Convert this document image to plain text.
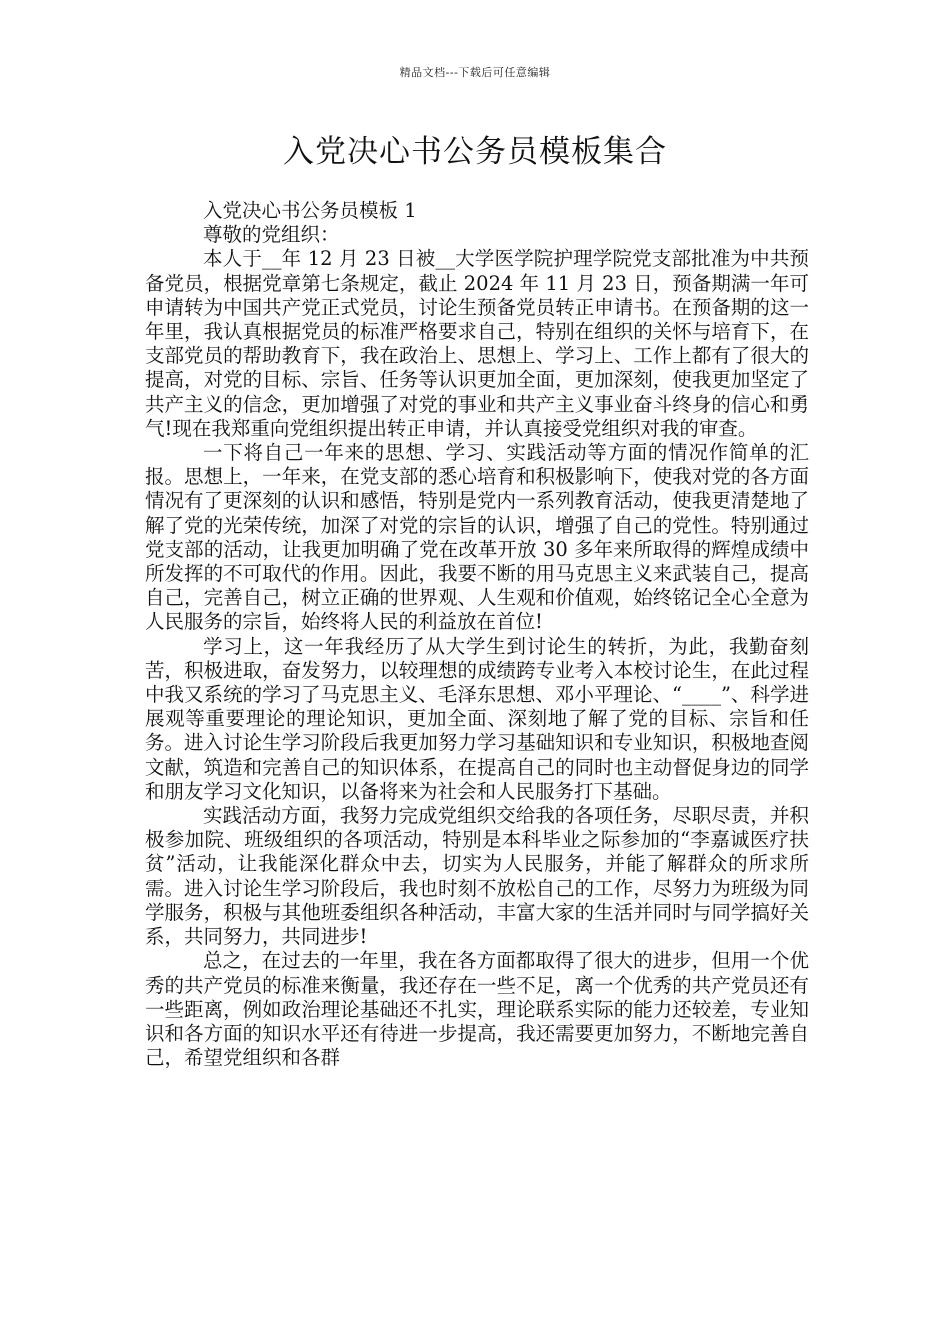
精品文档---下载后可任意编辑
入党决心书公务员模板集合

入党决心书公务员模板 1

尊敬的党组织：

本人于__年 12 月 23 日被__大学医学院护理学院党支部批准为中共预备党员，根据党章第七条规定，截止 2024 年 11 月 23 日，预备期满一年可申请转为中国共产党正式党员，讨论生预备党员转正申请书。在预备期的这一年里，我认真根据党员的标准严格要求自己，特别在组织的关怀与培育下，在支部党员的帮助教育下，我在政治上、思想上、学习上、工作上都有了很大的提高，对党的目标、宗旨、任务等认识更加全面，更加深刻，使我更加坚定了共产主义的信念，更加增强了对党的事业和共产主义事业奋斗终身的信心和勇气!现在我郑重向党组织提出转正申请，并认真接受党组织对我的审查。

一下将自己一年来的思想、学习、实践活动等方面的情况作简单的汇报。思想上，一年来，在党支部的悉心培育和积极影响下，使我对党的各方面情况有了更深刻的认识和感悟，特别是党内一系列教育活动，使我更清楚地了解了党的光荣传统，加深了对党的宗旨的认识，增强了自己的党性。特别通过党支部的活动，让我更加明确了党在改革开放 30 多年来所取得的辉煌成绩中所发挥的不可取代的作用。因此，我要不断的用马克思主义来武装自己，提高自己，完善自己，树立正确的世界观、人生观和价值观，始终铭记全心全意为人民服务的宗旨，始终将人民的利益放在首位!

学习上，这一年我经历了从大学生到讨论生的转折，为此，我勤奋刻苦，积极进取，奋发努力，以较理想的成绩跨专业考入本校讨论生，在此过程中我又系统的学习了马克思主义、毛泽东思想、邓小平理论、“____”、科学进展观等重要理论的理论知识，更加全面、深刻地了解了党的目标、宗旨和任务。进入讨论生学习阶段后我更加努力学习基础知识和专业知识，积极地查阅文献，筑造和完善自己的知识体系，在提高自己的同时也主动督促身边的同学和朋友学习文化知识，以备将来为社会和人民服务打下基础。

实践活动方面，我努力完成党组织交给我的各项任务，尽职尽责，并积极参加院、班级组织的各项活动，特别是本科毕业之际参加的“李嘉诚医疗扶贫”活动，让我能深化群众中去，切实为人民服务，并能了解群众的所求所需。进入讨论生学习阶段后，我也时刻不放松自己的工作，尽努力为班级为同学服务，积极与其他班委组织各种活动，丰富大家的生活并同时与同学搞好关系，共同努力，共同进步!

总之，在过去的一年里，我在各方面都取得了很大的进步，但用一个优秀的共产党员的标准来衡量，我还存在一些不足，离一个优秀的共产党员还有一些距离，例如政治理论基础还不扎实，理论联系实际的能力还较差，专业知识和各方面的知识水平还有待进一步提高，我还需要更加努力，不断地完善自己，希望党组织和各群
